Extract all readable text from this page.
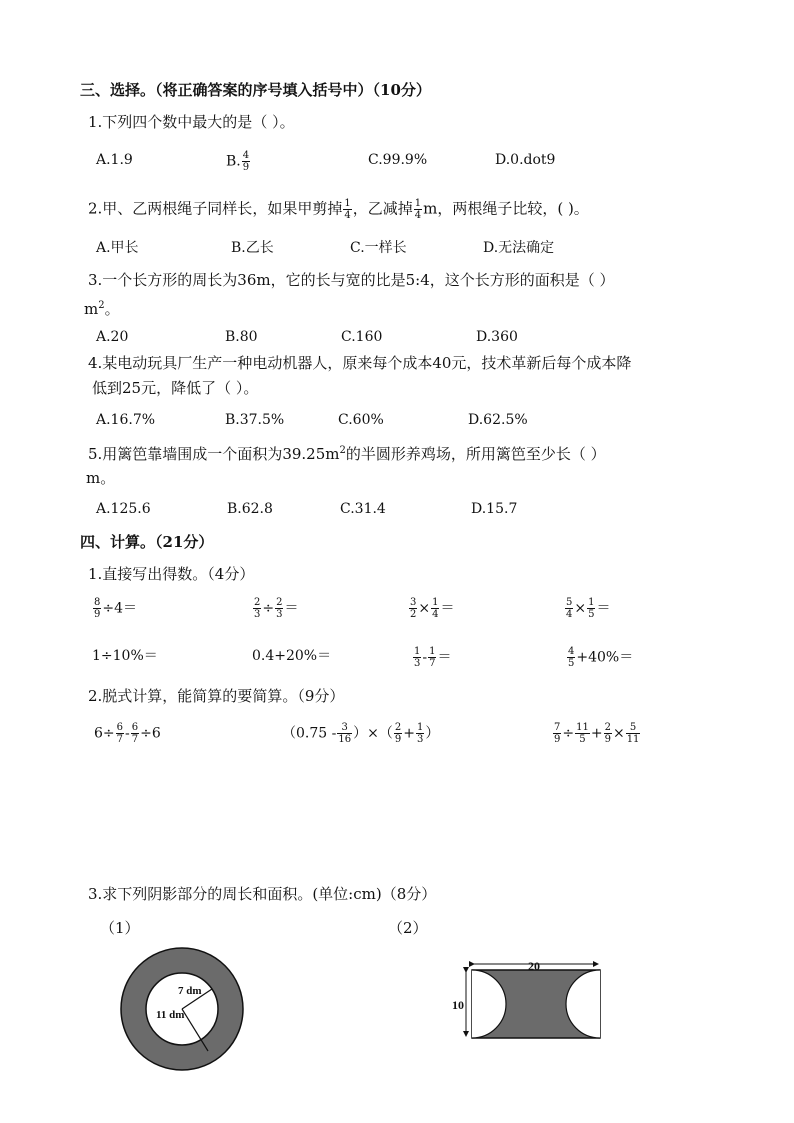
三、选择。（将正确答案的序号填入括号中）（10分）
1.下列四个数中最大的是（ ）。
A.1.9	B. $\frac{4}{9}$	C.99.9%	D.0.dot9
2.甲、乙两根绳子同样长，如果甲剪掉 $\frac{1}{4}$ ，乙减掉 $\frac{1}{4}$ m，两根绳子比较，( )。
A.甲长	B.乙长	C.一样长	D.无法确定
3.一个长方形的周长为36m，它的长与宽的比是5:4，这个长方形的面积是（ ）
$m^2$。
A.20	B.80	C.160	D.360
4.某电动玩具厂生产一种电动机器人，原来每个成本40元，技术革新后每个成本降
低到25元，降低了（ ）。
A.16.7%	B.37.5%	C.60%	D.62.5%
5.用篱笆靠墙围成一个面积为$39.25m^2$的半圆形养鸡场，所用篱笆至少长（ ）
m。
A.125.6	B.62.8	C.31.4	D.15.7
四、计算。（21分）
1.直接写出得数。（4分）
$\frac{8}{9} \div 4=$	$\frac{2}{3} \div \frac{2}{3}$ ＝	$\frac{3}{2} \times \frac{1}{4}$ ＝	$\frac{5}{4} \times \frac{1}{5}$ ＝
1÷10%＝	0.4+20%＝	$\frac{1}{3} - \frac{1}{7}$ ＝	$\frac{4}{5} +40\%=$
2.脱式计算，能简算的要简算。（9分）
$6\div \frac{6}{7} - \frac{6}{7} \div 6$	（$0.75 - \frac{3}{16}$ ）×（ $\frac{2}{9} + \frac{1}{3}$ ）	$\frac{7}{9} \div \frac{11}{5} + \frac{2}{9} \times \frac{5}{11}$
3.求下列阴影部分的周长和面积。(单位:cm)（8分）
（1）	（2）
7 dm
11 dm
20
10
